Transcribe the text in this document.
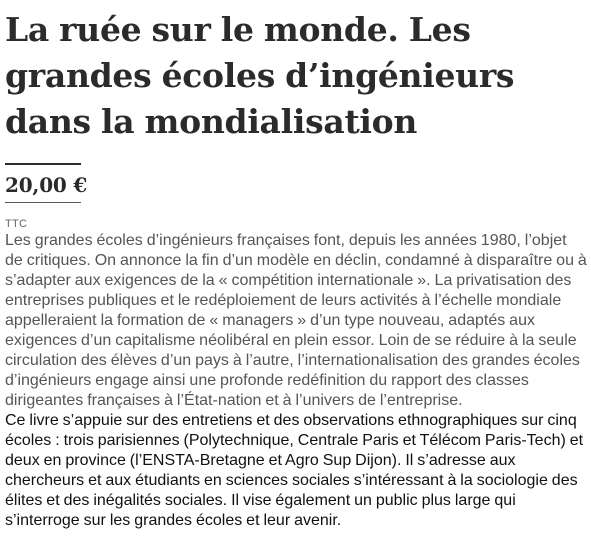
La ruée sur le monde. Les grandes écoles d’ingénieurs dans la mondialisation
20,00 €
TTC

Les grandes écoles d’ingénieurs françaises font, depuis les années 1980, l’objet de critiques. On annonce la fin d’un modèle en déclin, condamné à disparaître ou à s’adapter aux exigences de la « compétition internationale ». La privatisation des entreprises publiques et le redéploiement de leurs activités à l’échelle mondiale appelleraient la formation de « managers » d’un type nouveau, adaptés aux exigences d’un capitalisme néolibéral en plein essor. Loin de se réduire à la seule circulation des élèves d’un pays à l’autre, l’internationalisation des grandes écoles d’ingénieurs engage ainsi une profonde redéfinition du rapport des classes dirigeantes françaises à l’État-nation et à l’univers de l’entreprise.

Ce livre s’appuie sur des entretiens et des observations ethnographiques sur cinq écoles : trois parisiennes (Polytechnique, Centrale Paris et Télécom Paris-Tech) et deux en province (l’ENSTA-Bretagne et Agro Sup Dijon). Il s’adresse aux chercheurs et aux étudiants en sciences sociales s’intéressant à la sociologie des élites et des inégalités sociales. Il vise également un public plus large qui s’interroge sur les grandes écoles et leur avenir.
